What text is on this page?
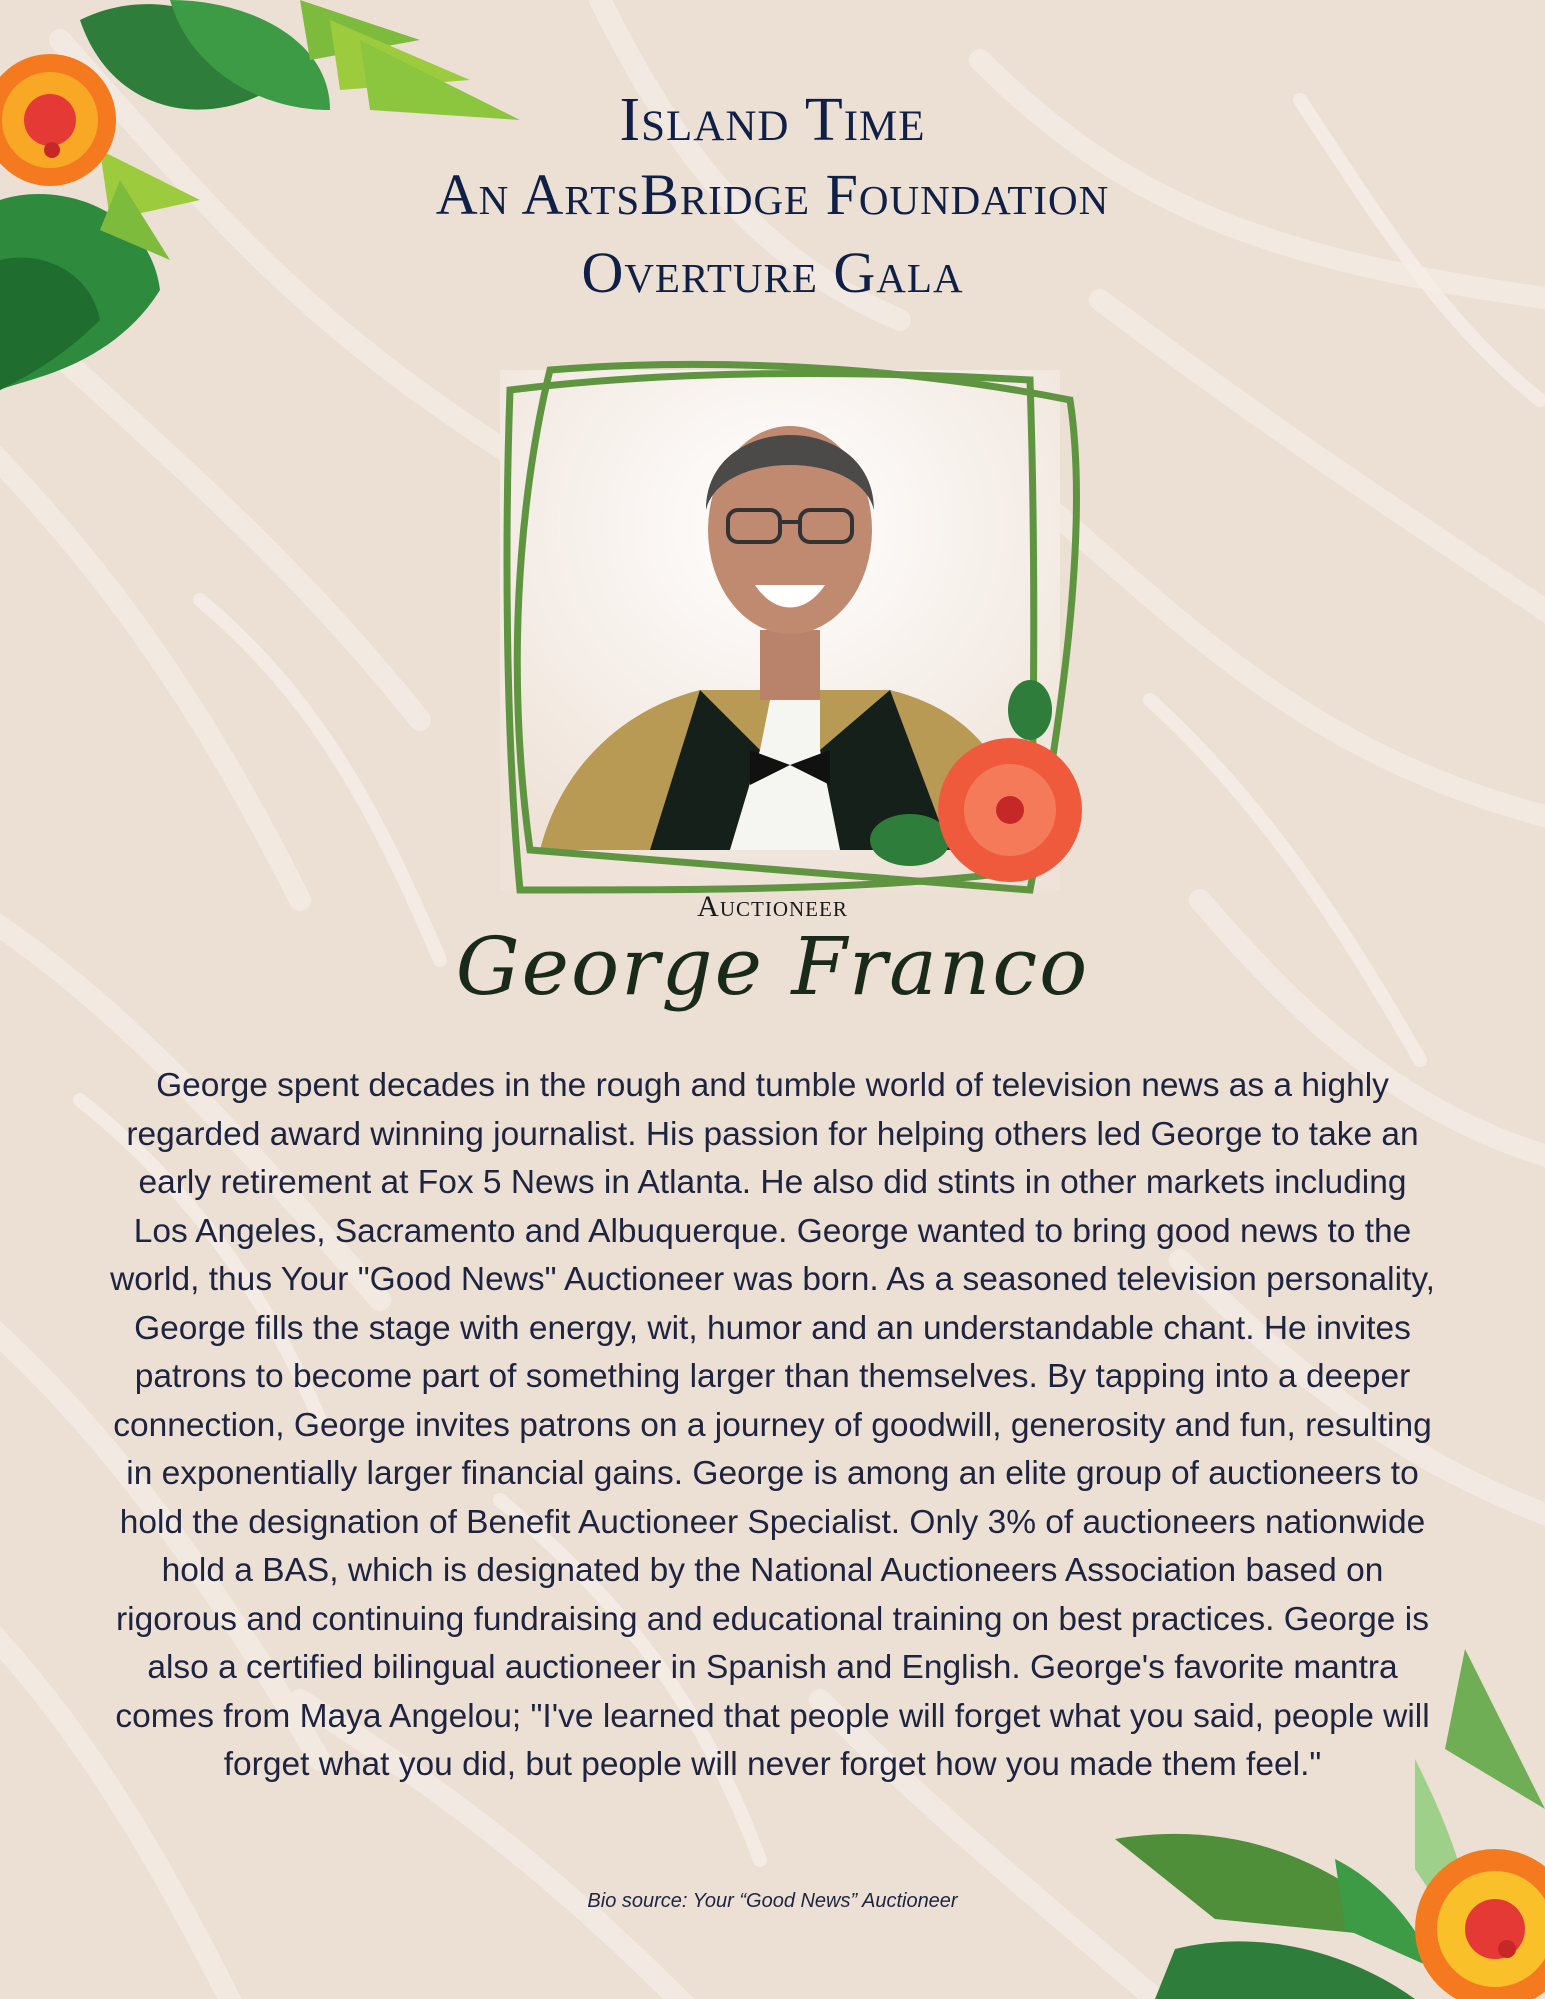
Island Time
An ArtsBridge Foundation
Overture Gala
Auctioneer
George Franco

George spent decades in the rough and tumble world of television news as a highly regarded award winning journalist. His passion for helping others led George to take an early retirement at Fox 5 News in Atlanta. He also did stints in other markets including Los Angeles, Sacramento and Albuquerque. George wanted to bring good news to the world, thus Your "Good News" Auctioneer was born. As a seasoned television personality, George fills the stage with energy, wit, humor and an understandable chant. He invites patrons to become part of something larger than themselves. By tapping into a deeper connection, George invites patrons on a journey of goodwill, generosity and fun, resulting in exponentially larger financial gains. George is among an elite group of auctioneers to hold the designation of Benefit Auctioneer Specialist. Only 3% of auctioneers nationwide hold a BAS, which is designated by the National Auctioneers Association based on rigorous and continuing fundraising and educational training on best practices. George is also a certified bilingual auctioneer in Spanish and English. George's favorite mantra comes from Maya Angelou; "I've learned that people will forget what you said, people will forget what you did, but people will never forget how you made them feel."

Bio source: Your “Good News” Auctioneer
